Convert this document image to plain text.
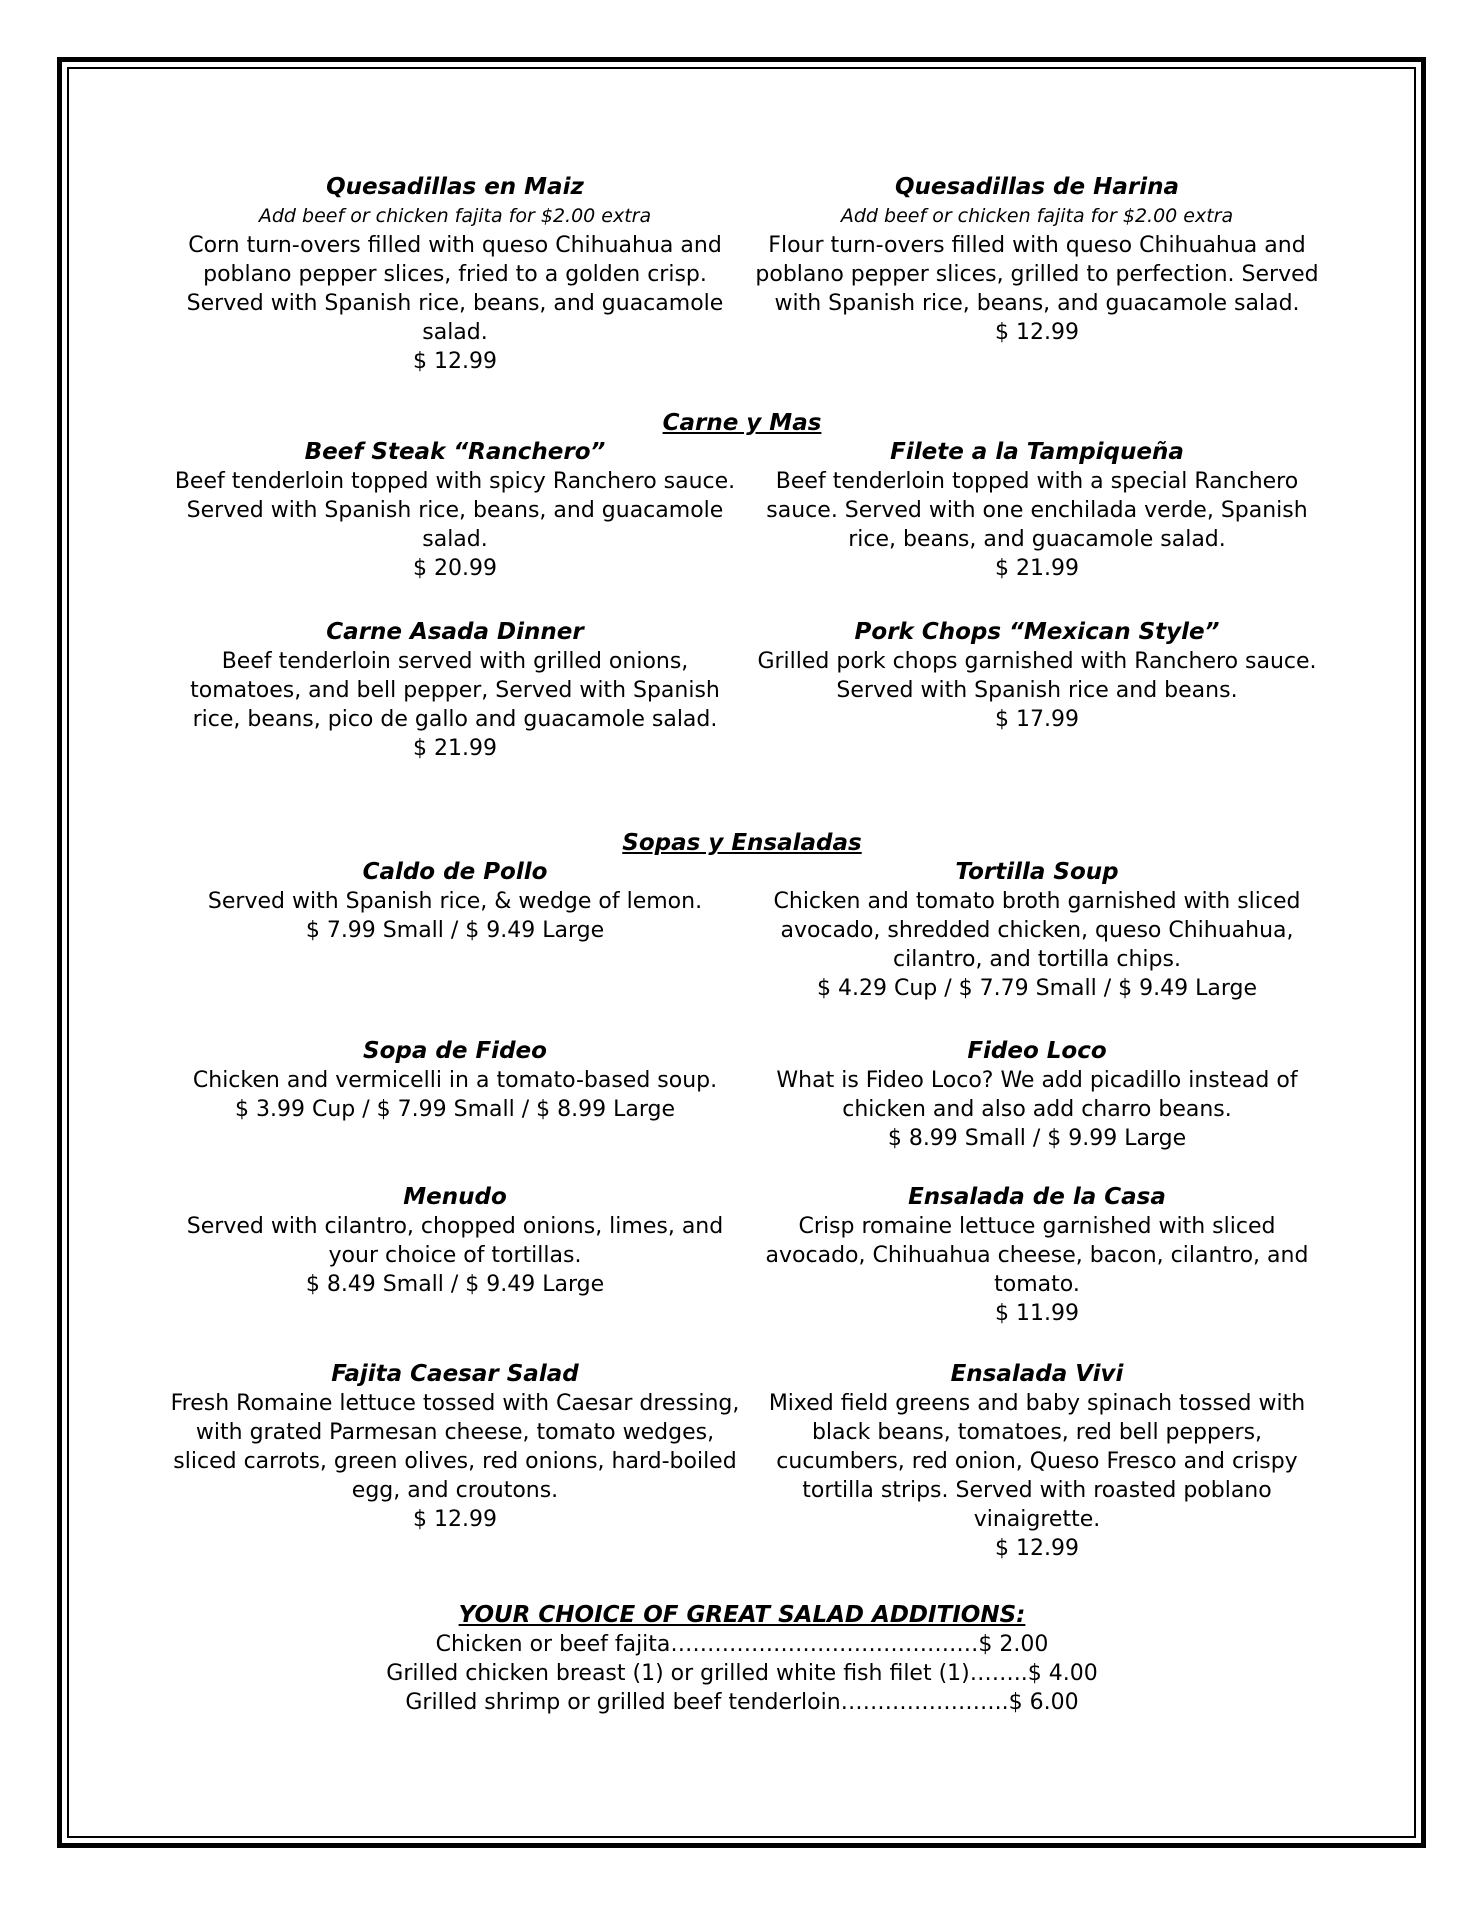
Quesadillas en Maiz
Add beef or chicken fajita for $2.00 extra
Corn turn-overs filled with queso Chihuahua and poblano pepper slices, fried to a golden crisp. Served with Spanish rice, beans, and guacamole salad.
$ 12.99
Quesadillas de Harina
Add beef or chicken fajita for $2.00 extra
Flour turn-overs filled with queso Chihuahua and poblano pepper slices, grilled to perfection. Served with Spanish rice, beans, and guacamole salad.
$ 12.99
Carne y Mas
Beef Steak “Ranchero”
Beef tenderloin topped with spicy Ranchero sauce. Served with Spanish rice, beans, and guacamole salad.
$ 20.99
Filete a la Tampiqueña
Beef tenderloin topped with a special Ranchero sauce. Served with one enchilada verde, Spanish rice, beans, and guacamole salad.
$ 21.99
Carne Asada Dinner
Beef tenderloin served with grilled onions, tomatoes, and bell pepper, Served with Spanish rice, beans, pico de gallo and guacamole salad.
$ 21.99
Pork Chops “Mexican Style”
Grilled pork chops garnished with Ranchero sauce. Served with Spanish rice and beans.
$ 17.99
Sopas y Ensaladas
Caldo de Pollo
Served with Spanish rice, & wedge of lemon.
$ 7.99 Small / $ 9.49 Large
Tortilla Soup
Chicken and tomato broth garnished with sliced avocado, shredded chicken, queso Chihuahua, cilantro, and tortilla chips.
$ 4.29 Cup / $ 7.79 Small / $ 9.49 Large
Sopa de Fideo
Chicken and vermicelli in a tomato-based soup.
$ 3.99 Cup / $ 7.99 Small / $ 8.99 Large
Fideo Loco
What is Fideo Loco? We add picadillo instead of chicken and also add charro beans.
$ 8.99 Small / $ 9.99 Large
Menudo
Served with cilantro, chopped onions, limes, and your choice of tortillas.
$ 8.49 Small / $ 9.49 Large
Ensalada de la Casa
Crisp romaine lettuce garnished with sliced avocado, Chihuahua cheese, bacon, cilantro, and tomato.
$ 11.99
Fajita Caesar Salad
Fresh Romaine lettuce tossed with Caesar dressing, with grated Parmesan cheese, tomato wedges, sliced carrots, green olives, red onions, hard-boiled egg, and croutons.
$ 12.99
Ensalada Vivi
Mixed field greens and baby spinach tossed with black beans, tomatoes, red bell peppers, cucumbers, red onion, Queso Fresco and crispy tortilla strips. Served with roasted poblano vinaigrette.
$ 12.99
YOUR CHOICE OF GREAT SALAD ADDITIONS:
Chicken or beef fajita……………………………………$ 2.00
Grilled chicken breast (1) or grilled white fish filet (1)……..$ 4.00
Grilled shrimp or grilled beef tenderloin…………………..$ 6.00
